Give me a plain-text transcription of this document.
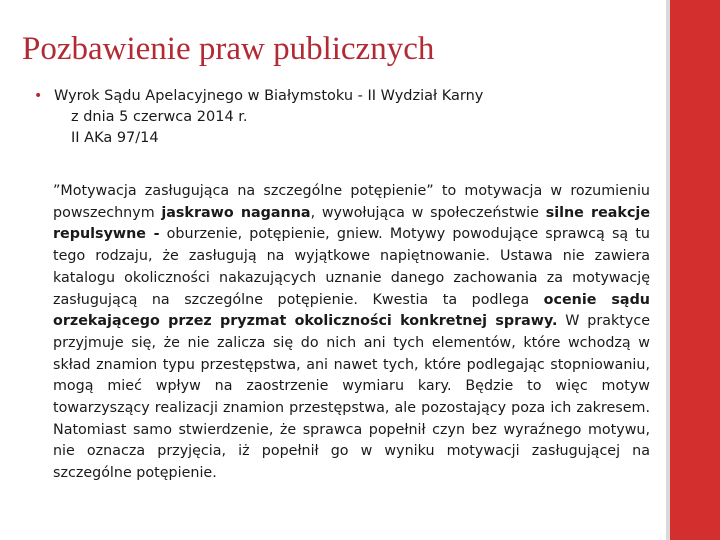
Pozbawienie praw publicznych
• Wyrok Sądu Apelacyjnego w Białymstoku - II Wydział Karny
z dnia 5 czerwca 2014 r.
II AKa 97/14

”Motywacja zasługująca na szczególne potępienie” to motywacja w rozumieniu powszechnym jaskrawo naganna, wywołująca w społeczeństwie silne reakcje repulsywne - oburzenie, potępienie, gniew. Motywy powodujące sprawcą są tu tego rodzaju, że zasługują na wyjątkowe napiętnowanie. Ustawa nie zawiera katalogu okoliczności nakazujących uznanie danego zachowania za motywację zasługującą na szczególne potępienie. Kwestia ta podlega ocenie sądu orzekającego przez pryzmat okoliczności konkretnej sprawy. W praktyce przyjmuje się, że nie zalicza się do nich ani tych elementów, które wchodzą w skład znamion typu przestępstwa, ani nawet tych, które podlegając stopniowaniu, mogą mieć wpływ na zaostrzenie wymiaru kary. Będzie to więc motyw towarzyszący realizacji znamion przestępstwa, ale pozostający poza ich zakresem. Natomiast samo stwierdzenie, że sprawca popełnił czyn bez wyraźnego motywu, nie oznacza przyjęcia, iż popełnił go w wyniku motywacji zasługującej na szczególne potępienie.
